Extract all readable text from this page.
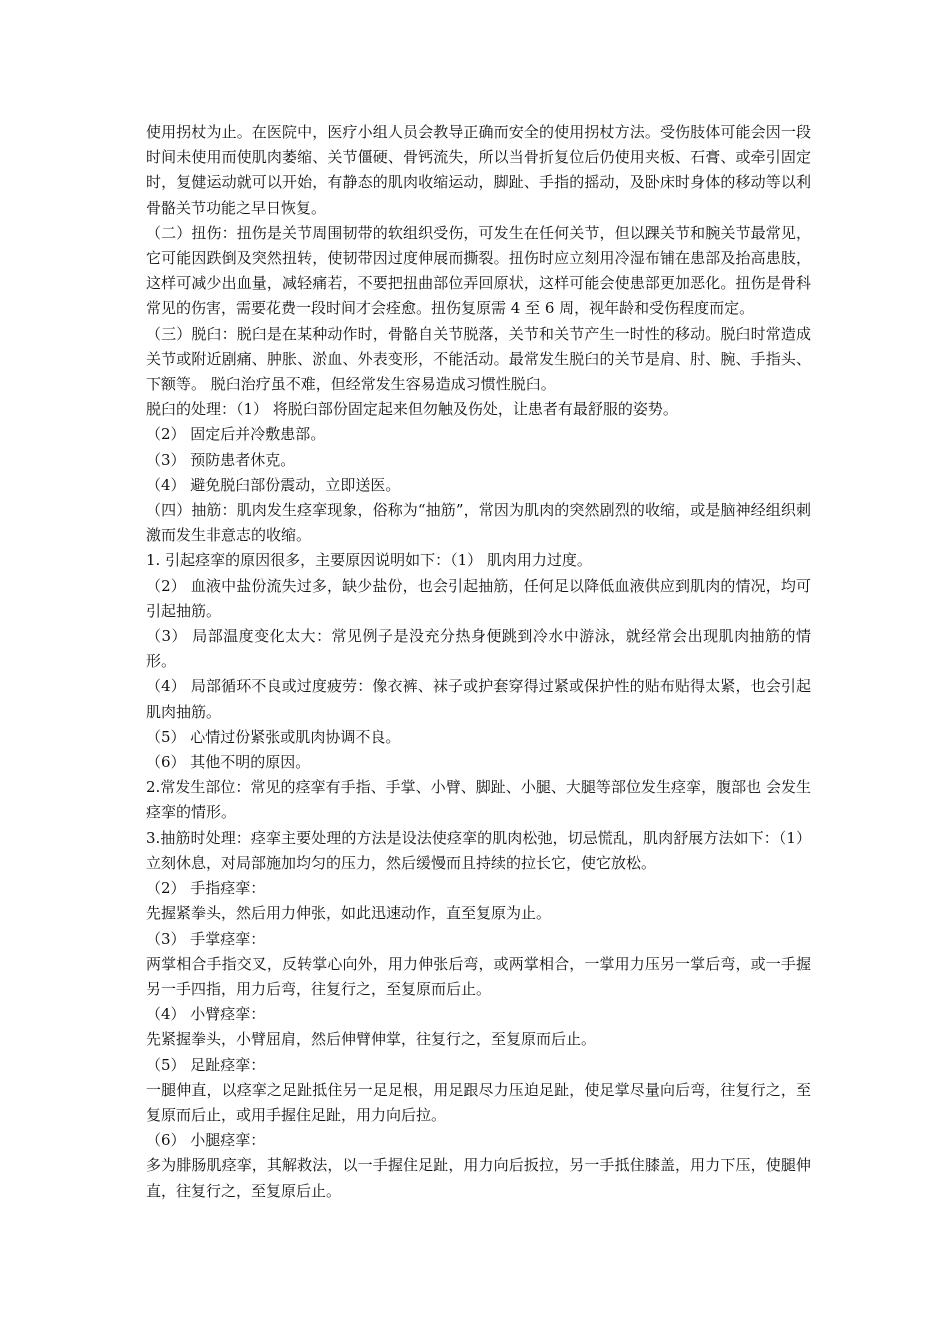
使用拐杖为止。在医院中，医疗小组人员会教导正确而安全的使用拐杖方法。受伤肢体可能会因一段时间未使用而使肌肉萎缩、关节僵硬、骨钙流失，所以当骨折复位后仍使用夹板、石膏、或牵引固定时，复健运动就可以开始，有静态的肌肉收缩运动，脚趾、手指的摇动，及卧床时身体的移动等以利骨骼关节功能之早日恢复。

（二）扭伤：扭伤是关节周围韧带的软组织受伤，可发生在任何关节，但以踝关节和腕关节最常见，它可能因跌倒及突然扭转，使韧带因过度伸展而撕裂。扭伤时应立刻用冷湿布铺在患部及抬高患肢，这样可减少出血量，减轻痛若，不要把扭曲部位弄回原状，这样可能会使患部更加恶化。扭伤是骨科常见的伤害，需要花费一段时间才会痊愈。扭伤复原需 4 至 6 周，视年龄和受伤程度而定。

（三）脱臼：脱臼是在某种动作时，骨骼自关节脱落，关节和关节产生一时性的移动。脱臼时常造成关节或附近剧痛、肿胀、淤血、外表变形，不能活动。最常发生脱臼的关节是肩、肘、腕、手指头、下额等。 脱臼治疗虽不难，但经常发生容易造成习惯性脱臼。

脱臼的处理：（1） 将脱臼部份固定起来但勿触及伤处，让患者有最舒服的姿势。

（2） 固定后并冷敷患部。

（3） 预防患者休克。

（4） 避免脱臼部份震动，立即送医。

（四）抽筋：肌肉发生痉挛现象，俗称为“抽筋”，常因为肌肉的突然剧烈的收缩，或是脑神经组织刺激而发生非意志的收缩。

1. 引起痉挛的原因很多，主要原因说明如下：（1） 肌肉用力过度。

（2） 血液中盐份流失过多，缺少盐份，也会引起抽筋，任何足以降低血液供应到肌肉的情况，均可引起抽筋。

（3） 局部温度变化太大：常见例子是没充分热身便跳到冷水中游泳，就经常会出现肌肉抽筋的情形。

（4） 局部循环不良或过度疲劳：像衣裤、袜子或护套穿得过紧或保护性的贴布贴得太紧，也会引起肌肉抽筋。

（5） 心情过份紧张或肌肉协调不良。

（6） 其他不明的原因。

2.常发生部位：常见的痉挛有手指、手掌、小臂、脚趾、小腿、大腿等部位发生痉挛，腹部也 会发生痉挛的情形。

3.抽筋时处理：痉挛主要处理的方法是设法使痉挛的肌肉松弛，切忌慌乱，肌肉舒展方法如下：（1） 立刻休息，对局部施加均匀的压力，然后缓慢而且持续的拉长它，使它放松。

（2） 手指痉挛：

先握紧拳头，然后用力伸张，如此迅速动作，直至复原为止。

（3） 手掌痉挛：

两掌相合手指交叉，反转掌心向外，用力伸张后弯，或两掌相合，一掌用力压另一掌后弯，或一手握另一手四指，用力后弯，往复行之，至复原而后止。

（4） 小臂痉挛：

先紧握拳头，小臂屈肩，然后伸臂伸掌，往复行之，至复原而后止。

（5） 足趾痉挛：

一腿伸直，以痉挛之足趾抵住另一足足根，用足跟尽力压迫足趾，使足掌尽量向后弯，往复行之，至复原而后止，或用手握住足趾，用力向后拉。

（6） 小腿痉挛：

多为腓肠肌痉挛，其解救法，以一手握住足趾，用力向后扳拉，另一手抵住膝盖，用力下压，使腿伸直，往复行之，至复原后止。
